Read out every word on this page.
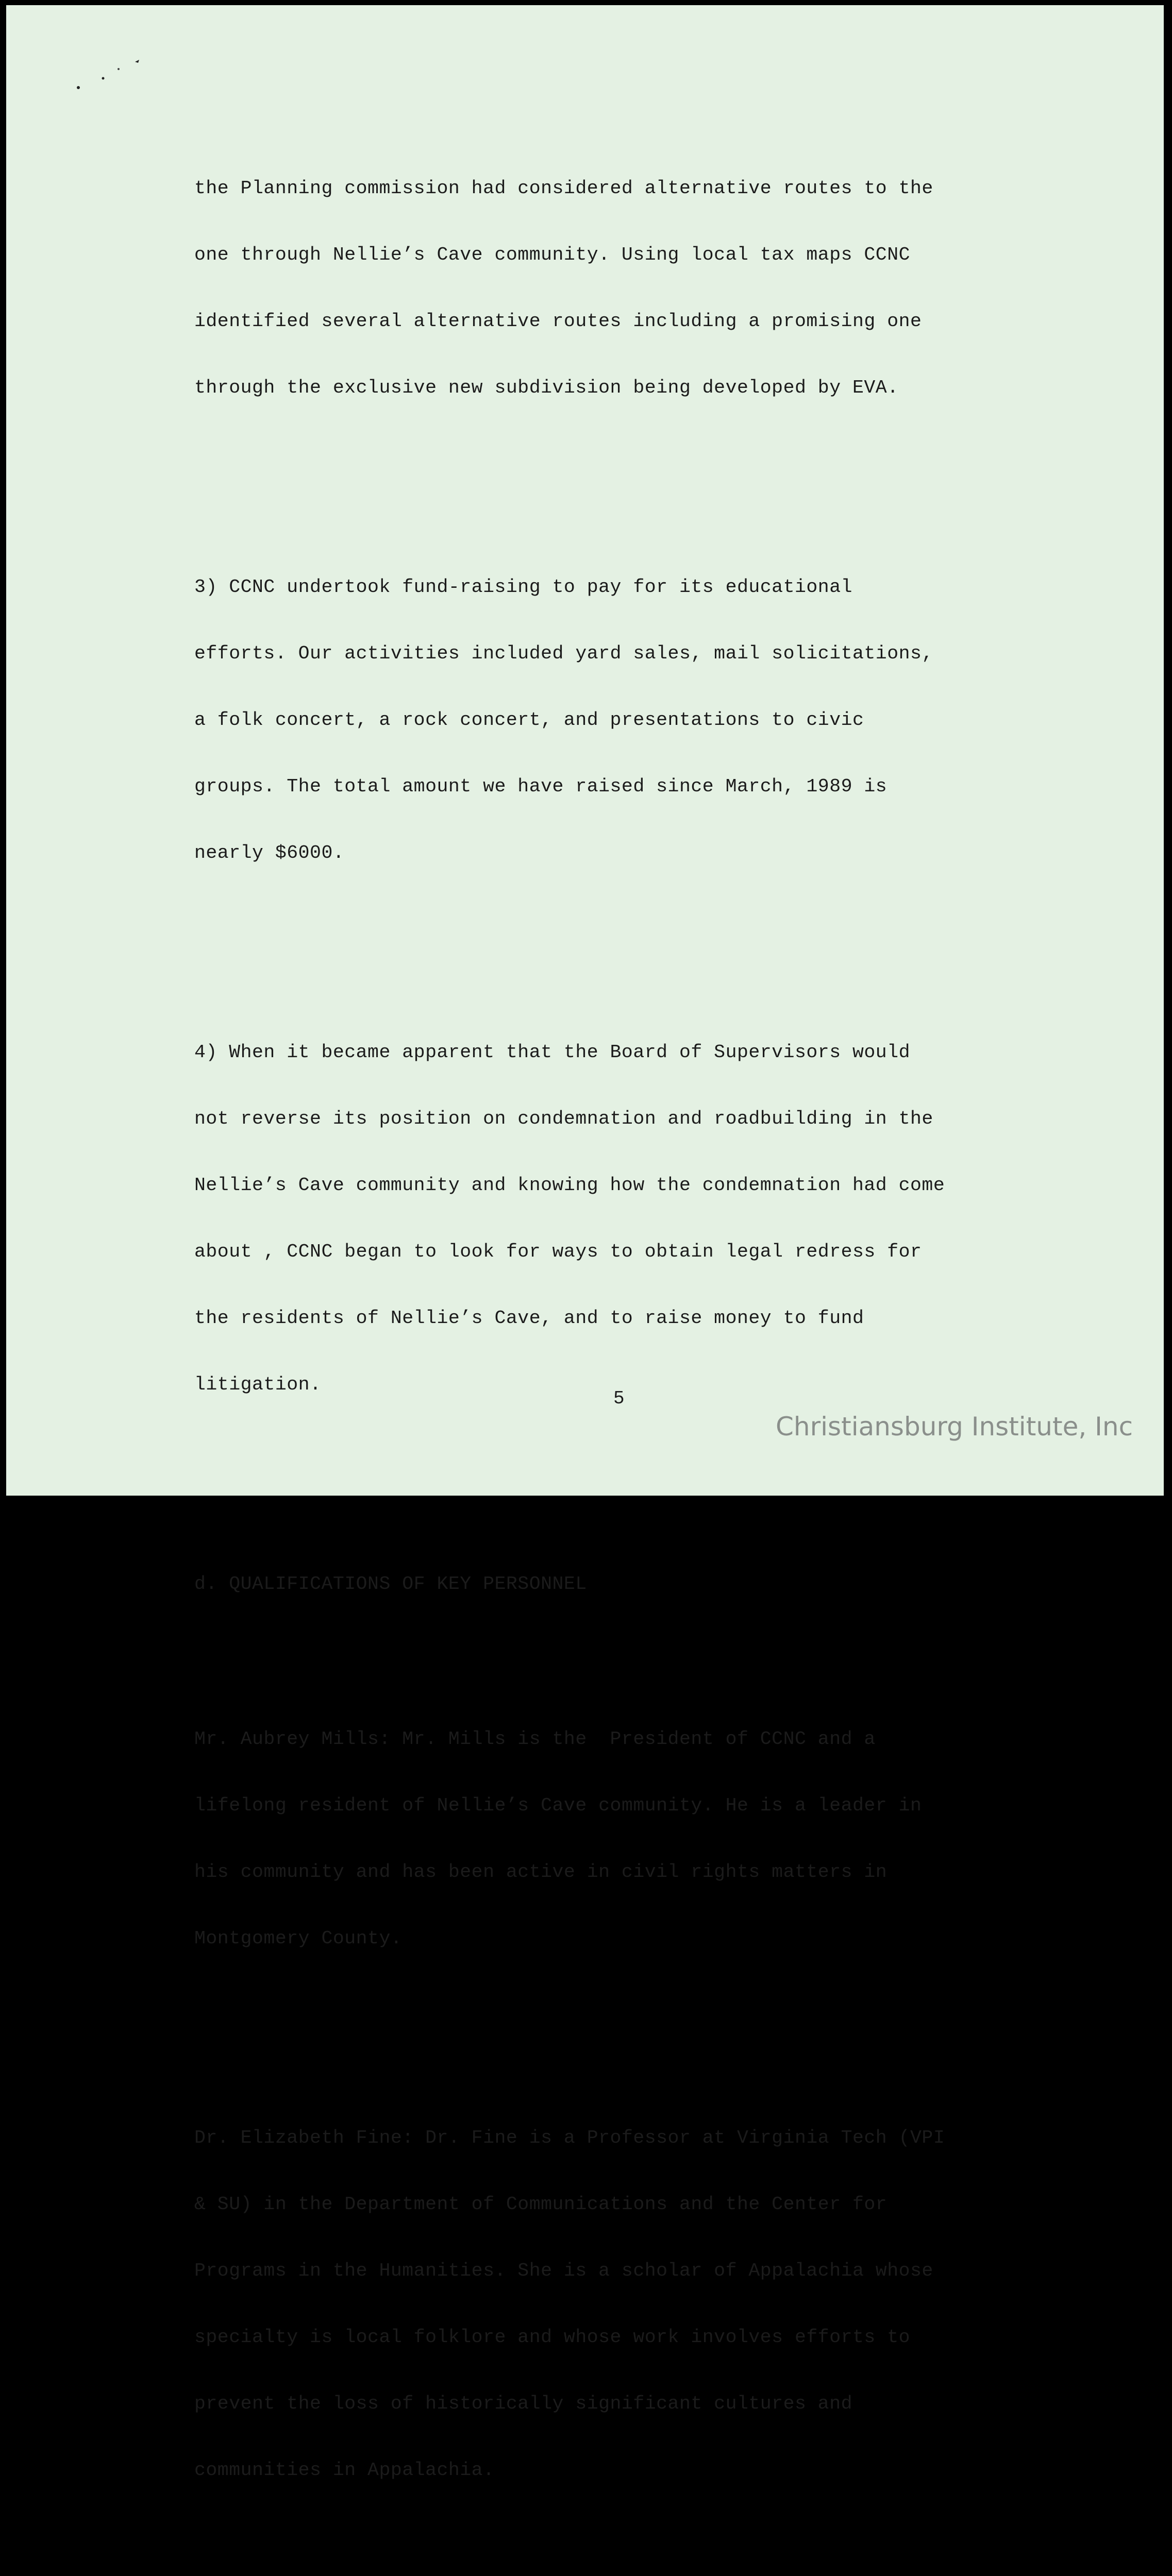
the Planning commission had considered alternative routes to the

one through Nellie’s Cave community. Using local tax maps CCNC

identified several alternative routes including a promising one

through the exclusive new subdivision being developed by EVA.

3) CCNC undertook fund-raising to pay for its educational

efforts. Our activities included yard sales, mail solicitations,

a folk concert, a rock concert, and presentations to civic

groups. The total amount we have raised since March, 1989 is

nearly $6000.

4) When it became apparent that the Board of Supervisors would

not reverse its position on condemnation and roadbuilding in the

Nellie’s Cave community and knowing how the condemnation had come

about , CCNC began to look for ways to obtain legal redress for

the residents of Nellie’s Cave, and to raise money to fund

litigation.

d. QUALIFICATIONS OF KEY PERSONNEL

Mr. Aubrey Mills: Mr. Mills is the  President of CCNC and a

lifelong resident of Nellie’s Cave community. He is a leader in

his community and has been active in civil rights matters in

Montgomery County.

Dr. Elizabeth Fine: Dr. Fine is a Professor at Virginia Tech (VPI

& SU) in the Department of Communications and the Center for

Programs in the Humanities. She is a scholar of Appalachia whose

specialty is local folklore and whose work involves efforts to

prevent the loss of historically significant cultures and

communities in Appalachia.

5
Christiansburg Institute, Inc
